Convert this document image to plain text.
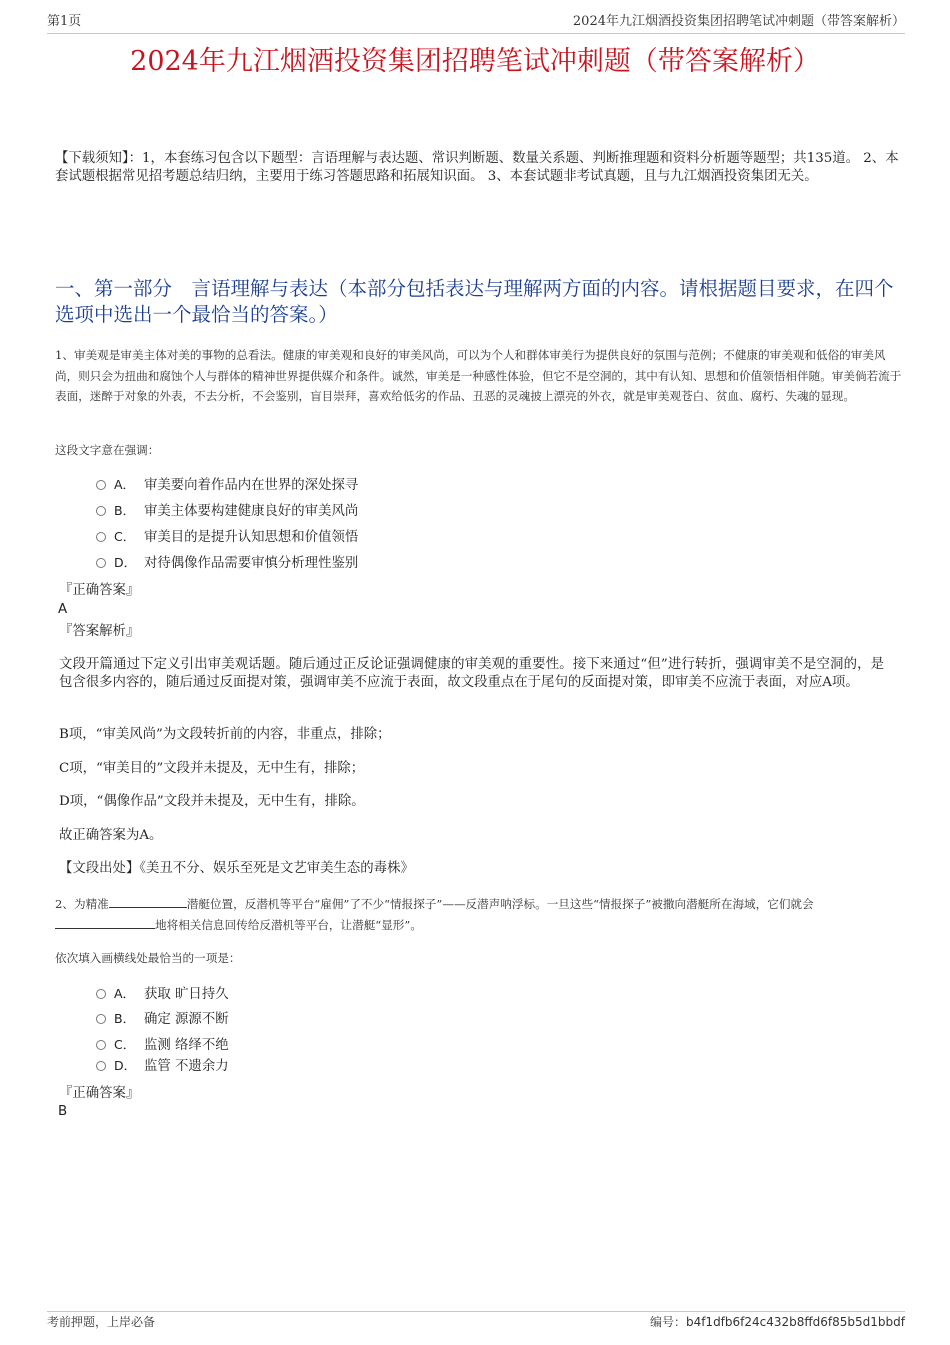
第1页	2024年九江烟酒投资集团招聘笔试冲刺题（带答案解析）
2024年九江烟酒投资集团招聘笔试冲刺题（带答案解析）
【下载须知】：1，本套练习包含以下题型：言语理解与表达题、常识判断题、数量关系题、判断推理题和资料分析题等题型；共135道。 2、本套试题根据常见招考题总结归纳，主要用于练习答题思路和拓展知识面。 3、本套试题非考试真题，且与九江烟酒投资集团无关。
一、第一部分　言语理解与表达（本部分包括表达与理解两方面的内容。请根据题目要求，在四个选项中选出一个最恰当的答案。）
1、审美观是审美主体对美的事物的总看法。健康的审美观和良好的审美风尚，可以为个人和群体审美行为提供良好的氛围与范例；不健康的审美观和低俗的审美风尚，则只会为扭曲和腐蚀个人与群体的精神世界提供媒介和条件。诚然，审美是一种感性体验，但它不是空洞的，其中有认知、思想和价值领悟相伴随。审美倘若流于表面，迷醉于对象的外表，不去分析，不会鉴别，盲目崇拜，喜欢给低劣的作品、丑恶的灵魂披上漂亮的外衣，就是审美观苍白、贫血、腐朽、失魂的显现。
这段文字意在强调：
A． 审美要向着作品内在世界的深处探寻
B． 审美主体要构建健康良好的审美风尚
C． 审美目的是提升认知思想和价值领悟
D． 对待偶像作品需要审慎分析理性鉴别
『正确答案』
A
『答案解析』
文段开篇通过下定义引出审美观话题。随后通过正反论证强调健康的审美观的重要性。接下来通过“但”进行转折，强调审美不是空洞的，是包含很多内容的，随后通过反面提对策，强调审美不应流于表面，故文段重点在于尾句的反面提对策，即审美不应流于表面，对应A项。
B项，“审美风尚”为文段转折前的内容，非重点，排除；
C项，“审美目的”文段并未提及，无中生有，排除；
D项，“偶像作品”文段并未提及，无中生有，排除。
故正确答案为A。
【文段出处】《美丑不分、娱乐至死是文艺审美生态的毒株》
2、为精准	潜艇位置，反潜机等平台“雇佣”了不少“情报探子”——反潜声呐浮标。一旦这些“情报探子”被撒向潜艇所在海域，它们就会地将相关信息回传给反潜机等平台，让潜艇“显形”。
依次填入画横线处最恰当的一项是：
A． 获取 旷日持久
B． 确定 源源不断
C． 监测 络绎不绝
D． 监管 不遗余力
『正确答案』
B
考前押题，上岸必备	编号：b4f1dfb6f24c432b8ffd6f85b5d1bbdf
